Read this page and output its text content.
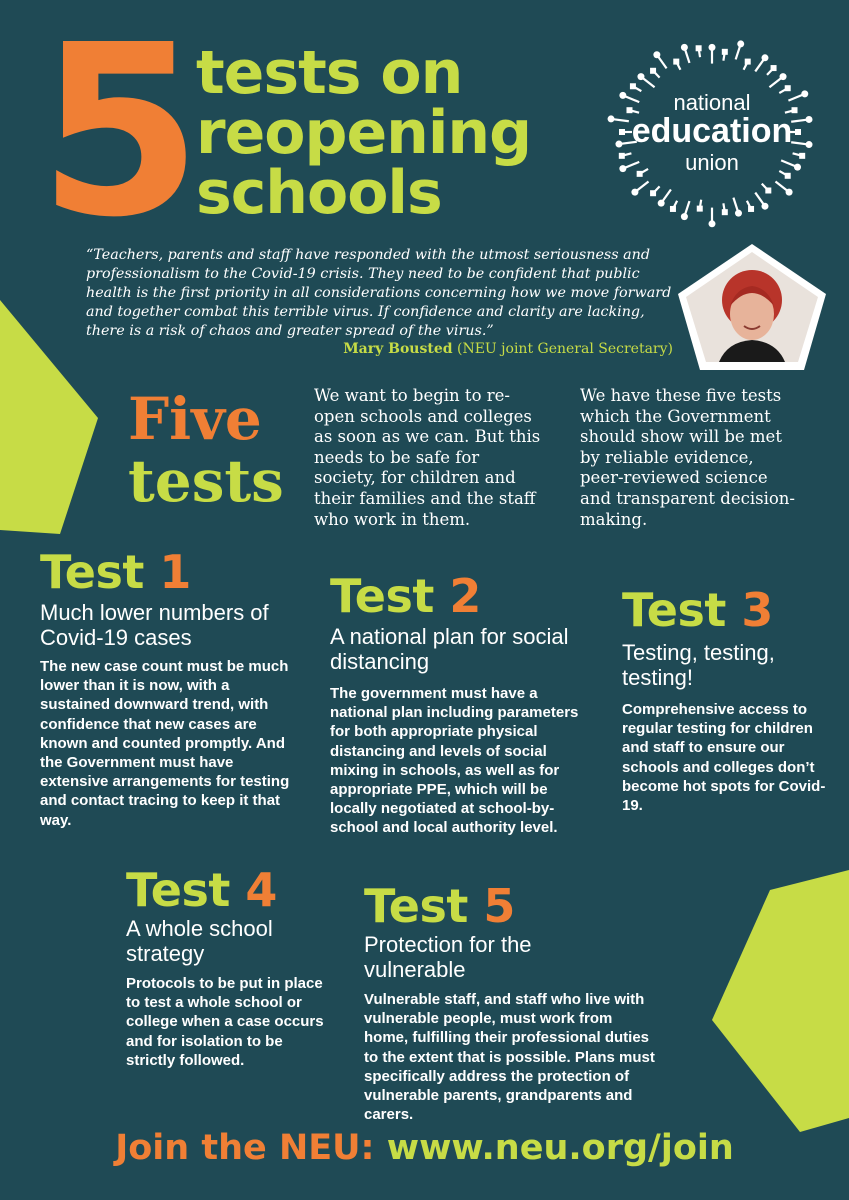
5 tests on
reopening
schools
national
education
union
“Teachers, parents and staff have responded with the utmost seriousness and professionalism to the Covid-19 crisis. They need to be confident that public health is the first priority in all considerations concerning how we move forward and together combat this terrible virus. If confidence and clarity are lacking, there is a risk of chaos and greater spread of the virus.”
Mary Bousted (NEU joint General Secretary)
Five
tests
We want to begin to re-open schools and colleges as soon as we can. But this needs to be safe for society, for children and their families and the staff who work in them.
We have these five tests which the Government should show will be met by reliable evidence, peer-reviewed science and transparent decision-making.
Test 1
Much lower numbers of Covid-19 cases
The new case count must be much lower than it is now, with a sustained downward trend, with confidence that new cases are known and counted promptly. And the Government must have extensive arrangements for testing and contact tracing to keep it that way.
Test 2
A national plan for social distancing
The government must have a national plan including parameters for both appropriate physical distancing and levels of social mixing in schools, as well as for appropriate PPE, which will be locally negotiated at school-by-school and local authority level.
Test 3
Testing, testing, testing!
Comprehensive access to regular testing for children and staff to ensure our schools and colleges don’t become hot spots for Covid-19.
Test 4
A whole school strategy
Protocols to be put in place to test a whole school or college when a case occurs and for isolation to be strictly followed.
Test 5
Protection for the vulnerable
Vulnerable staff, and staff who live with vulnerable people, must work from home, fulfilling their professional duties to the extent that is possible. Plans must specifically address the protection of vulnerable parents, grandparents and carers.
Join the NEU: www.neu.org/join
